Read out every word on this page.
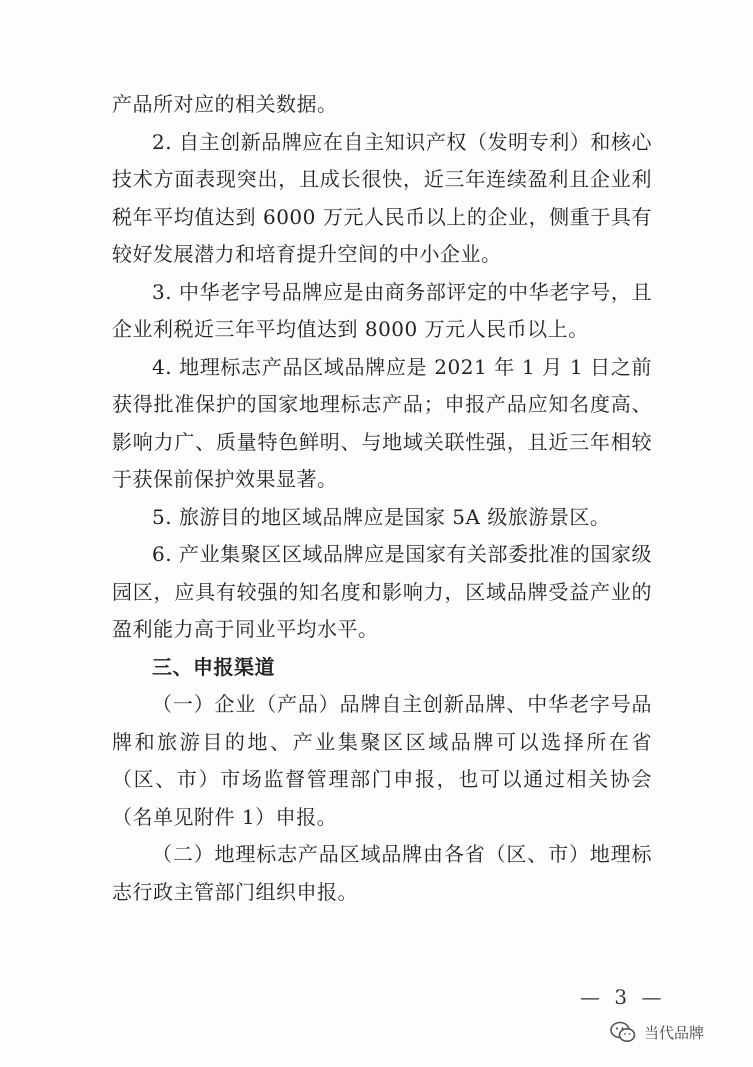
产品所对应的相关数据。

2. 自主创新品牌应在自主知识产权（发明专利）和核心技术方面表现突出，且成长很快，近三年连续盈利且企业利税年平均值达到 6000 万元人民币以上的企业，侧重于具有较好发展潜力和培育提升空间的中小企业。

3. 中华老字号品牌应是由商务部评定的中华老字号，且企业利税近三年平均值达到 8000 万元人民币以上。

4. 地理标志产品区域品牌应是 2021 年 1 月 1 日之前获得批准保护的国家地理标志产品；申报产品应知名度高、影响力广、质量特色鲜明、与地域关联性强，且近三年相较于获保前保护效果显著。

5. 旅游目的地区域品牌应是国家 5A 级旅游景区。

6. 产业集聚区区域品牌应是国家有关部委批准的国家级园区，应具有较强的知名度和影响力，区域品牌受益产业的盈利能力高于同业平均水平。

三、申报渠道

（一）企业（产品）品牌自主创新品牌、中华老字号品牌和旅游目的地、产业集聚区区域品牌可以选择所在省（区、市）市场监督管理部门申报，也可以通过相关协会（名单见附件 1）申报。

（二）地理标志产品区域品牌由各省（区、市）地理标志行政主管部门组织申报。

— 3 —
当代品牌
